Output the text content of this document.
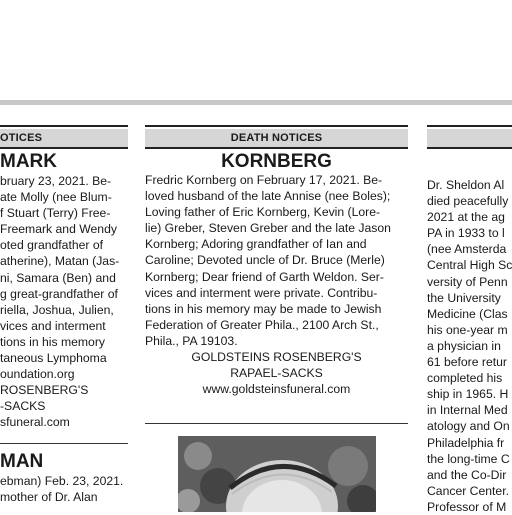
OTICES
MARK
bruary 23, 2021. Be-
ate Molly (nee Blum-
f Stuart (Terry) Free-
Freemark and Wendy
oted grandfather of
atherine), Matan (Jas-
ni, Samara (Ben) and
g great-grandfather of
riella, Joshua, Julien,
vices and interment
tions in his memory
taneous Lymphoma
oundation.org
ROSENBERG'S
-SACKS
sfuneral.com
MAN
ebman) Feb. 23, 2021.
mother of Dr. Alan
DEATH NOTICES
KORNBERG
Fredric Kornberg on February 17, 2021. Be-
loved husband of the late Annise (nee Boles);
Loving father of Eric Kornberg, Kevin (Lore-
lie) Greber, Steven Greber and the late Jason
Kornberg; Adoring grandfather of Ian and
Caroline; Devoted uncle of Dr. Bruce (Merle)
Kornberg; Dear friend of Garth Weldon. Ser-
vices and interment were private. Contribu-
tions in his memory may be made to Jewish
Federation of Greater Phila., 2100 Arch St.,
Phila., PA 19103.
GOLDSTEINS ROSENBERG'S
RAPAEL-SACKS
www.goldsteinsfuneral.com
Dr. Sheldon Al
died peacefully
2021 at the ag
PA in 1933 to l
(nee Amsterda
Central High Sc
versity of Penn
the University
Medicine (Clas
his one-year m
a physician in
61 before retur
completed his
ship in 1965. H
in Internal Med
atology and On
Philadelphia fr
the long-time C
and the Co-Dir
Cancer Center.
Professor of M
